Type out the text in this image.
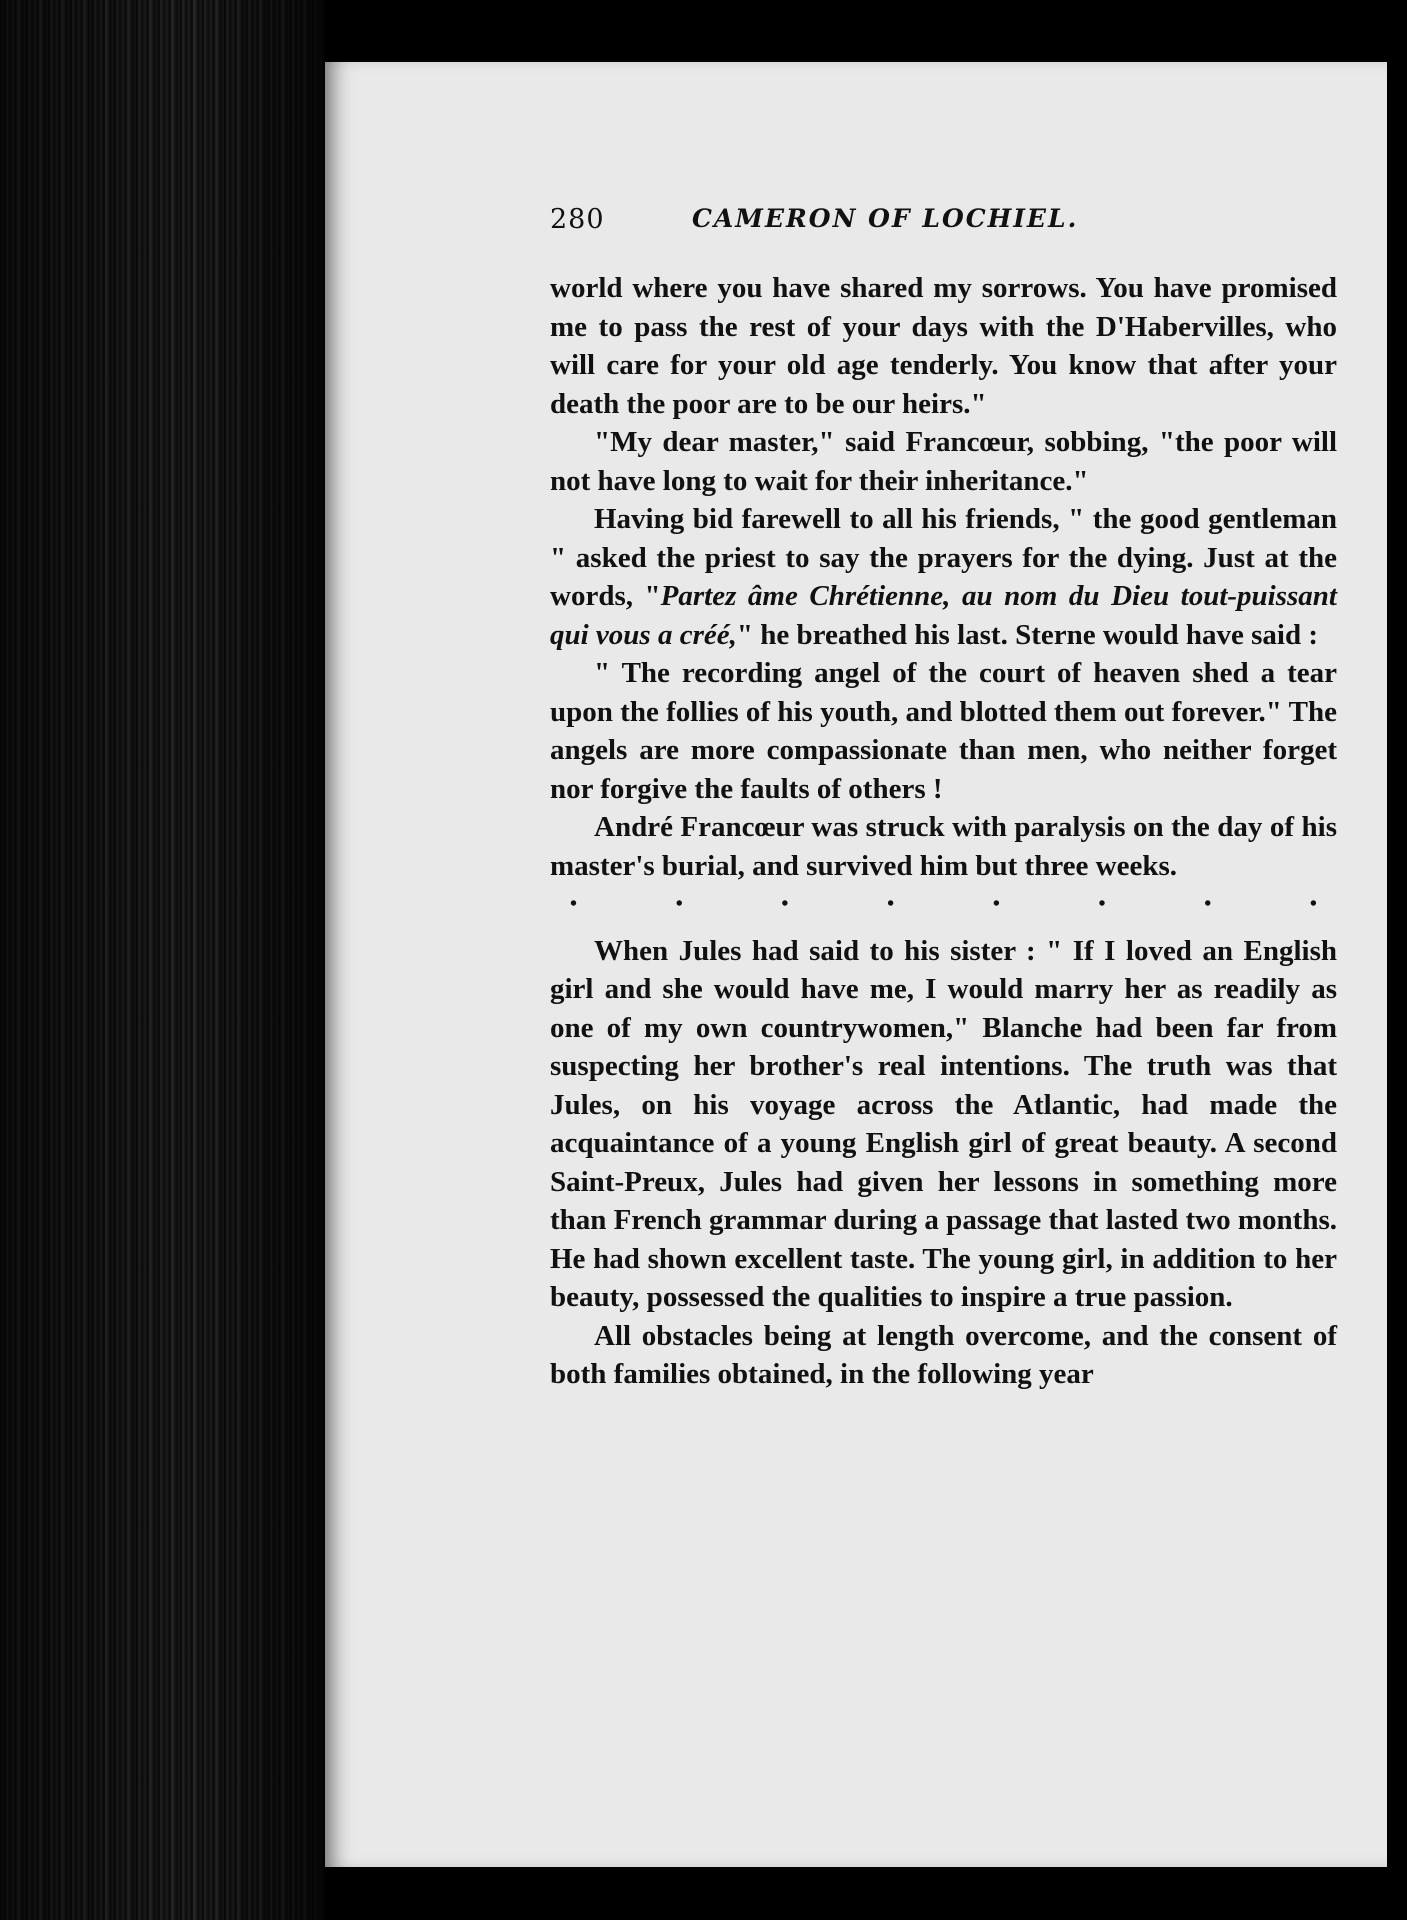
280	CAMERON OF LOCHIEL.

world where you have shared my sorrows. You have promised me to pass the rest of your days with the D'Habervilles, who will care for your old age tenderly. You know that after your death the poor are to be our heirs."

"My dear master," said Francœur, sobbing, "the poor will not have long to wait for their inheritance."

Having bid farewell to all his friends, " the good gentleman " asked the priest to say the prayers for the dying. Just at the words, "Partez âme Chrétienne, au nom du Dieu tout-puissant qui vous a créé," he breathed his last. Sterne would have said :

" The recording angel of the court of heaven shed a tear upon the follies of his youth, and blotted them out forever." The angels are more compassionate than men, who neither forget nor forgive the faults of others !

André Francœur was struck with paralysis on the day of his master's burial, and survived him but three weeks.

•	•	•	•	•	•	•	•

When Jules had said to his sister : " If I loved an English girl and she would have me, I would marry her as readily as one of my own countrywomen," Blanche had been far from suspecting her brother's real intentions. The truth was that Jules, on his voyage across the Atlantic, had made the acquaintance of a young English girl of great beauty. A second Saint-Preux, Jules had given her lessons in something more than French grammar during a passage that lasted two months. He had shown excellent taste. The young girl, in addition to her beauty, possessed the qualities to inspire a true passion.

All obstacles being at length overcome, and the consent of both families obtained, in the following year
